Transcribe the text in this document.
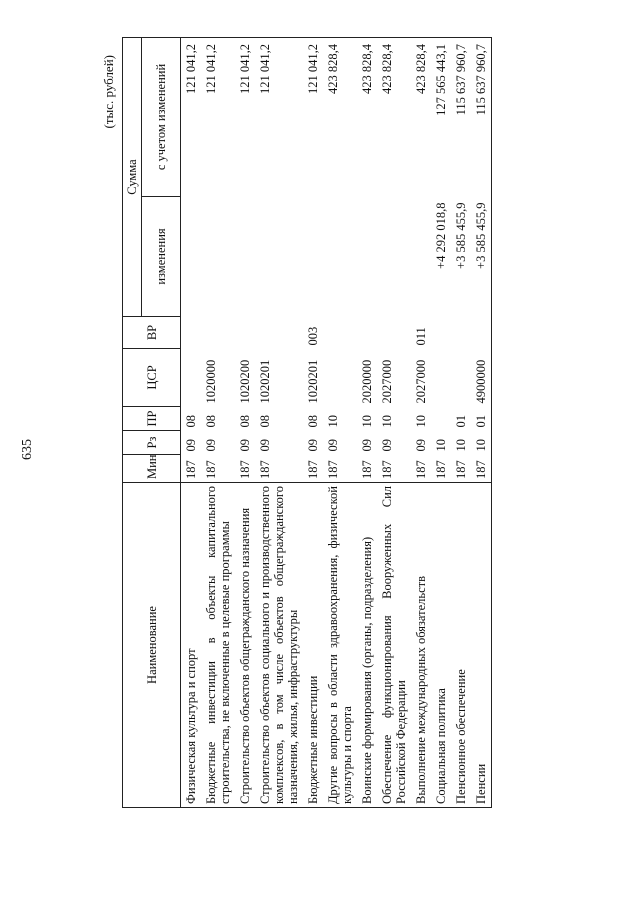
635
(тыс. рублей)
Наименование	Мин	Рз	ПР	ЦСР	ВР	Сумма	
						изменения	с учетом изменений
Физическая культура и спорт	187	09	08				121 041,2
Бюджетные инвестиции в объекты капитального строительства, не включенные в целевые программы	187	09	08	1020000			121 041,2
Строительство объектов общегражданского назначения	187	09	08	1020200			121 041,2
Строительство объектов социального и производственного комплексов, в том числе объектов общегражданского назначения, жилья, инфраструктуры	187	09	08	1020201			121 041,2
Бюджетные инвестиции	187	09	08	1020201	003		121 041,2
Другие вопросы в области здравоохранения, физической культуры и спорта	187	09	10				423 828,4
Воинские формирования (органы, подразделения)	187	09	10	2020000			423 828,4
Обеспечение функционирования Вооруженных Сил Российской Федерации	187	09	10	2027000			423 828,4
Выполнение международных обязательств	187	09	10	2027000	011		423 828,4
Социальная политика	187	10				+4 292 018,8	127 565 443,1
Пенсионное обеспечение	187	10	01			+3 585 455,9	115 637 960,7
Пенсии	187	10	01	4900000		+3 585 455,9	115 637 960,7
